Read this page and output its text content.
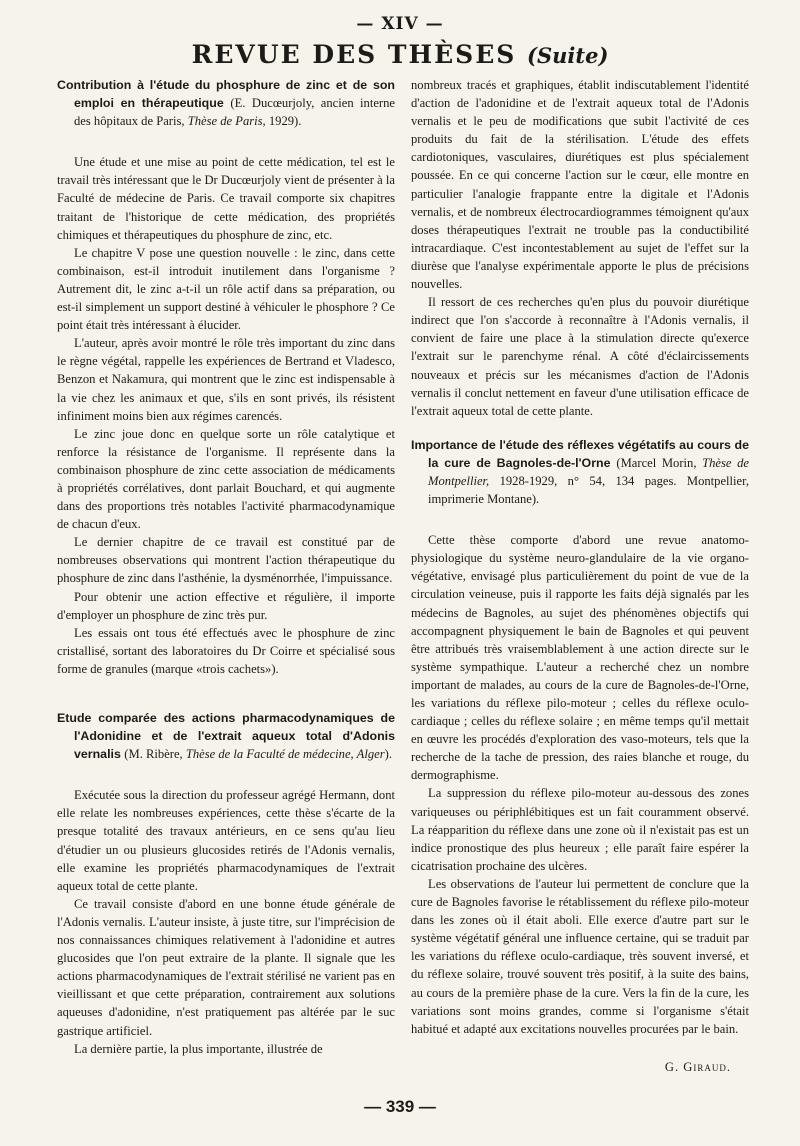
— XIV —
REVUE DES THÈSES (Suite)
Contribution à l'étude du phosphure de zinc et de son emploi en thérapeutique (E. Ducœurjoly, ancien interne des hôpitaux de Paris, Thèse de Paris, 1929).

Une étude et une mise au point de cette médication, tel est le travail très intéressant que le Dr Ducœurjoly vient de présenter à la Faculté de médecine de Paris. Ce travail comporte six chapitres traitant de l'historique de cette médication, des propriétés chimiques et thérapeutiques du phosphure de zinc, etc.

Le chapitre V pose une question nouvelle : le zinc, dans cette combinaison, est-il introduit inutilement dans l'organisme ? Autrement dit, le zinc a-t-il un rôle actif dans sa préparation, ou est-il simplement un support destiné à véhiculer le phosphore ? Ce point était très intéressant à élucider.

L'auteur, après avoir montré le rôle très important du zinc dans le règne végétal, rappelle les expériences de Bertrand et Vladesco, Benzon et Nakamura, qui montrent que le zinc est indispensable à la vie chez les animaux et que, s'ils en sont privés, ils résistent infiniment moins bien aux régimes carencés.

Le zinc joue donc en quelque sorte un rôle catalytique et renforce la résistance de l'organisme. Il représente dans la combinaison phosphure de zinc cette association de médicaments à propriétés corrélatives, dont parlait Bouchard, et qui augmente dans des proportions très notables l'activité pharmacodynamique de chacun d'eux.

Le dernier chapitre de ce travail est constitué par de nombreuses observations qui montrent l'action thérapeutique du phosphure de zinc dans l'asthénie, la dysménorrhée, l'impuissance.

Pour obtenir une action effective et régulière, il importe d'employer un phosphure de zinc très pur.

Les essais ont tous été effectués avec le phosphure de zinc cristallisé, sortant des laboratoires du Dr Coirre et spécialisé sous forme de granules (marque «trois cachets»).

Etude comparée des actions pharmacodynamiques de l'Adonidine et de l'extrait aqueux total d'Adonis vernalis (M. Ribère, Thèse de la Faculté de médecine, Alger).

Exécutée sous la direction du professeur agrégé Hermann, dont elle relate les nombreuses expériences, cette thèse s'écarte de la presque totalité des travaux antérieurs, en ce sens qu'au lieu d'étudier un ou plusieurs glucosides retirés de l'Adonis vernalis, elle examine les propriétés pharmacodynamiques de l'extrait aqueux total de cette plante.

Ce travail consiste d'abord en une bonne étude générale de l'Adonis vernalis. L'auteur insiste, à juste titre, sur l'imprécision de nos connaissances chimiques relativement à l'adonidine et autres glucosides que l'on peut extraire de la plante. Il signale que les actions pharmacodynamiques de l'extrait stérilisé ne varient pas en vieillissant et que cette préparation, contrairement aux solutions aqueuses d'adonidine, n'est pratiquement pas altérée par le suc gastrique artificiel.

La dernière partie, la plus importante, illustrée de

nombreux tracés et graphiques, établit indiscutablement l'identité d'action de l'adonidine et de l'extrait aqueux total de l'Adonis vernalis et le peu de modifications que subit l'activité de ces produits du fait de la stérilisation. L'étude des effets cardiotoniques, vasculaires, diurétiques est plus spécialement poussée. En ce qui concerne l'action sur le cœur, elle montre en particulier l'analogie frappante entre la digitale et l'Adonis vernalis, et de nombreux électrocardiogrammes témoignent qu'aux doses thérapeutiques l'extrait ne trouble pas la conductibilité intracardiaque. C'est incontestablement au sujet de l'effet sur la diurèse que l'analyse expérimentale apporte le plus de précisions nouvelles.

Il ressort de ces recherches qu'en plus du pouvoir diurétique indirect que l'on s'accorde à reconnaître à l'Adonis vernalis, il convient de faire une place à la stimulation directe qu'exerce l'extrait sur le parenchyme rénal. A côté d'éclaircissements nouveaux et précis sur les mécanismes d'action de l'Adonis vernalis il conclut nettement en faveur d'une utilisation efficace de l'extrait aqueux total de cette plante.

Importance de l'étude des réflexes végétatifs au cours de la cure de Bagnoles-de-l'Orne (Marcel Morin, Thèse de Montpellier, 1928-1929, n° 54, 134 pages. Montpellier, imprimerie Montane).

Cette thèse comporte d'abord une revue anatomo-physiologique du système neuro-glandulaire de la vie organo-végétative, envisagé plus particulièrement du point de vue de la circulation veineuse, puis il rapporte les faits déjà signalés par les médecins de Bagnoles, au sujet des phénomènes objectifs qui accompagnent physiquement le bain de Bagnoles et qui peuvent être attribués très vraisemblablement à une action directe sur le système sympathique. L'auteur a recherché chez un nombre important de malades, au cours de la cure de Bagnoles-de-l'Orne, les variations du réflexe pilo-moteur ; celles du réflexe oculo-cardiaque ; celles du réflexe solaire ; en même temps qu'il mettait en œuvre les procédés d'exploration des vaso-moteurs, tels que la recherche de la tache de pression, des raies blanche et rouge, du dermographisme.

La suppression du réflexe pilo-moteur au-dessous des zones variqueuses ou périphlébitiques est un fait couramment observé. La réapparition du réflexe dans une zone où il n'existait pas est un indice pronostique des plus heureux ; elle paraît faire espérer la cicatrisation prochaine des ulcères.

Les observations de l'auteur lui permettent de conclure que la cure de Bagnoles favorise le rétablissement du réflexe pilo-moteur dans les zones où il était aboli. Elle exerce d'autre part sur le système végétatif général une influence certaine, qui se traduit par les variations du réflexe oculo-cardiaque, très souvent inversé, et du réflexe solaire, trouvé souvent très positif, à la suite des bains, au cours de la première phase de la cure. Vers la fin de la cure, les variations sont moins grandes, comme si l'organisme s'était habitué et adapté aux excitations nouvelles procurées par le bain.

G. Giraud.
— 339 —
